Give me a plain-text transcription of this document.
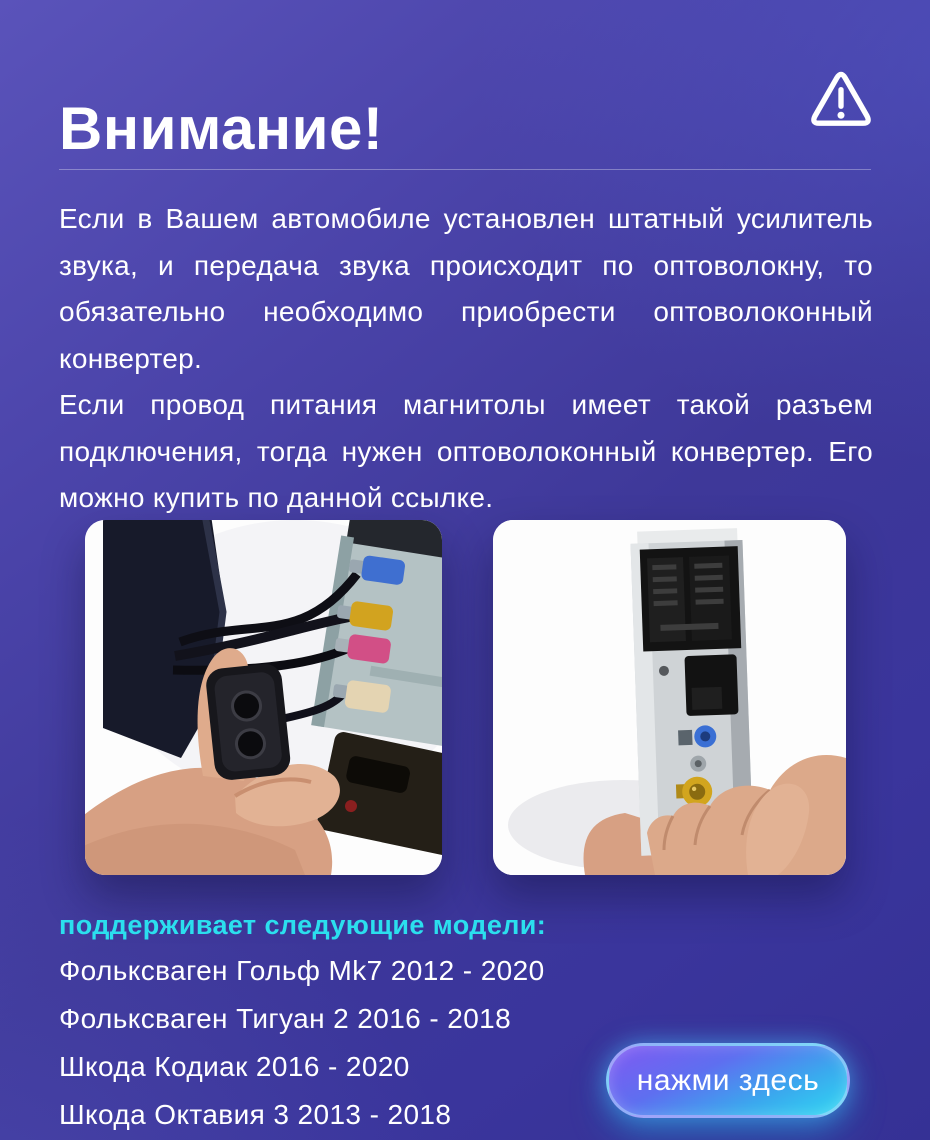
Внимание!

Если в Вашем автомобиле установлен штатный усилитель звука, и передача звука происходит по оптоволокну, то обязательно необходимо приобрести оптоволоконный конвертер.

Если провод питания магнитолы имеет такой разъем подключения, тогда нужен оптоволоконный конвертер. Его можно купить по данной ссылке.

поддерживает следующие модели:

Фольксваген Гольф Mk7 2012 - 2020
Фольксваген Тигуан 2 2016 - 2018
Шкода Кодиак 2016 - 2020
Шкода Октавия 3 2013 - 2018
нажми здесь
